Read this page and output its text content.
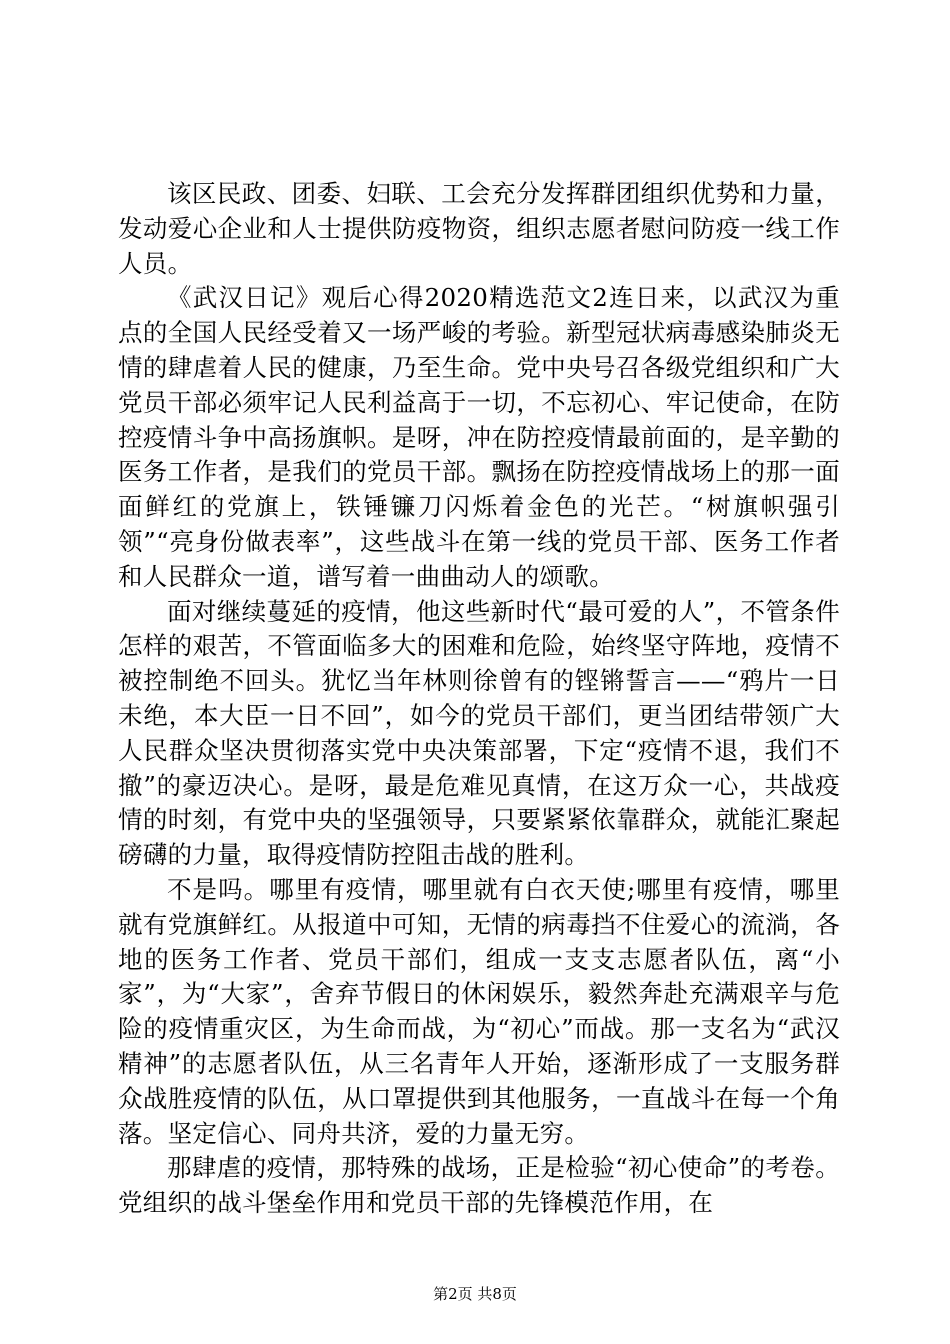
该区民政、团委、妇联、工会充分发挥群团组织优势和力量，发动爱心企业和人士提供防疫物资，组织志愿者慰问防疫一线工作人员。

《武汉日记》观后心得2020精选范文2连日来，以武汉为重点的全国人民经受着又一场严峻的考验。新型冠状病毒感染肺炎无情的肆虐着人民的健康，乃至生命。党中央号召各级党组织和广大党员干部必须牢记人民利益高于一切，不忘初心、牢记使命，在防控疫情斗争中高扬旗帜。是呀，冲在防控疫情最前面的，是辛勤的医务工作者，是我们的党员干部。飘扬在防控疫情战场上的那一面面鲜红的党旗上，铁锤镰刀闪烁着金色的光芒。“树旗帜强引领”“亮身份做表率”，这些战斗在第一线的党员干部、医务工作者和人民群众一道，谱写着一曲曲动人的颂歌。

面对继续蔓延的疫情，他这些新时代“最可爱的人”，不管条件怎样的艰苦，不管面临多大的困难和危险，始终坚守阵地，疫情不被控制绝不回头。犹忆当年林则徐曾有的铿锵誓言——“鸦片一日未绝，本大臣一日不回”，如今的党员干部们，更当团结带领广大人民群众坚决贯彻落实党中央决策部署，下定“疫情不退，我们不撤”的豪迈决心。是呀，最是危难见真情，在这万众一心，共战疫情的时刻，有党中央的坚强领导，只要紧紧依靠群众，就能汇聚起磅礴的力量，取得疫情防控阻击战的胜利。

不是吗。哪里有疫情，哪里就有白衣天使;哪里有疫情，哪里就有党旗鲜红。从报道中可知，无情的病毒挡不住爱心的流淌，各地的医务工作者、党员干部们，组成一支支志愿者队伍，离“小家”，为“大家”，舍弃节假日的休闲娱乐，毅然奔赴充满艰辛与危险的疫情重灾区，为生命而战，为“初心”而战。那一支名为“武汉精神”的志愿者队伍，从三名青年人开始，逐渐形成了一支服务群众战胜疫情的队伍，从口罩提供到其他服务，一直战斗在每一个角落。坚定信心、同舟共济，爱的力量无穷。

那肆虐的疫情，那特殊的战场，正是检验“初心使命”的考卷。党组织的战斗堡垒作用和党员干部的先锋模范作用，在

第2页 共8页
